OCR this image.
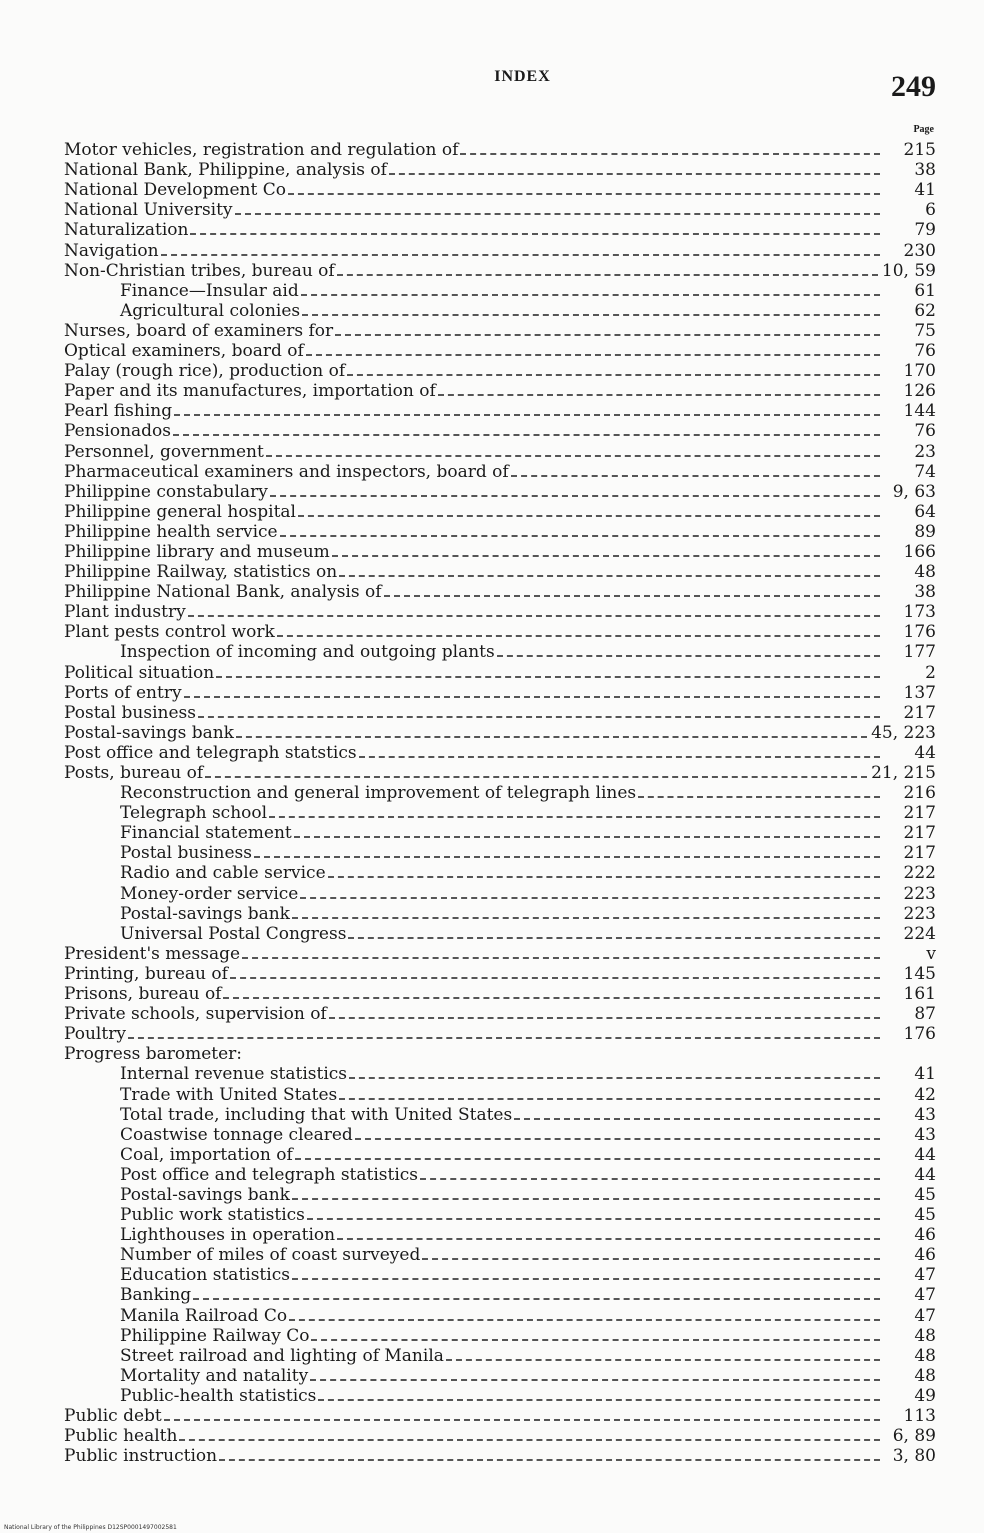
INDEX	249
Page
Motor vehicles, registration and regulation of	215
National Bank, Philippine, analysis of	38
National Development Co	41
National University	6
Naturalization	79
Navigation	230
Non-Christian tribes, bureau of	10, 59
Finance—Insular aid	61
Agricultural colonies	62
Nurses, board of examiners for	75
Optical examiners, board of	76
Palay (rough rice), production of	170
Paper and its manufactures, importation of	126
Pearl fishing	144
Pensionados	76
Personnel, government	23
Pharmaceutical examiners and inspectors, board of	74
Philippine constabulary	9, 63
Philippine general hospital	64
Philippine health service	89
Philippine library and museum	166
Philippine Railway, statistics on	48
Philippine National Bank, analysis of	38
Plant industry	173
Plant pests control work	176
Inspection of incoming and outgoing plants	177
Political situation	2
Ports of entry	137
Postal business	217
Postal-savings bank	45, 223
Post office and telegraph statstics	44
Posts, bureau of	21, 215
Reconstruction and general improvement of telegraph lines	216
Telegraph school	217
Financial statement	217
Postal business	217
Radio and cable service	222
Money-order service	223
Postal-savings bank	223
Universal Postal Congress	224
President's message	v
Printing, bureau of	145
Prisons, bureau of	161
Private schools, supervision of	87
Poultry	176
Progress barometer:
Internal revenue statistics	41
Trade with United States	42
Total trade, including that with United States	43
Coastwise tonnage cleared	43
Coal, importation of	44
Post office and telegraph statistics	44
Postal-savings bank	45
Public work statistics	45
Lighthouses in operation	46
Number of miles of coast surveyed	46
Education statistics	47
Banking	47
Manila Railroad Co	47
Philippine Railway Co	48
Street railroad and lighting of Manila	48
Mortality and natality	48
Public-health statistics	49
Public debt	113
Public health	6, 89
Public instruction	3, 80
National Library of the Philippines D12SP0001497002581
